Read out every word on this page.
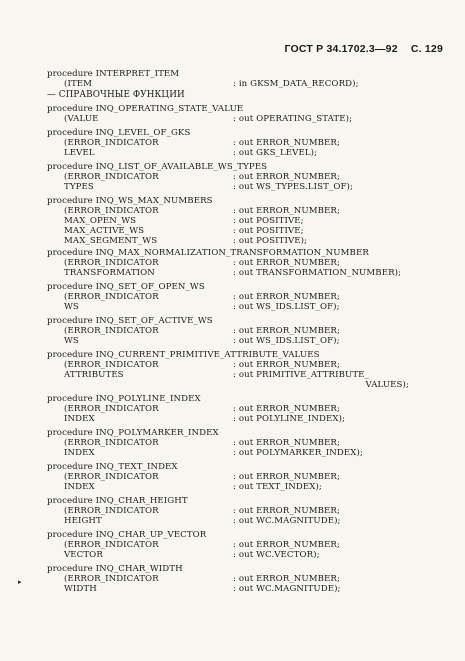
ГОСТ Р 34.1702.3—92 С. 129
procedure INTERPRET_ITEM
(ITEM	: in GKSM_DATA_RECORD);
— СПРАВОЧНЫЕ ФУНКЦИИ
procedure INQ_OPERATING_STATE_VALUE
(VALUE	: out OPERATING_STATE);
procedure INQ_LEVEL_OF_GKS
(ERROR_INDICATOR	: out ERROR_NUMBER;
LEVEL	: out GKS_LEVEL);
procedure INQ_LIST_OF_AVAILABLE_WS_TYPES
(ERROR_INDICATOR	: out ERROR_NUMBER;
TYPES	: out WS_TYPES.LIST_OF);
procedure INQ_WS_MAX_NUMBERS
(ERROR_INDICATOR	: out ERROR_NUMBER;
MAX_OPEN_WS	: out POSITIVE;
MAX_ACTIVE_WS	: out POSITIVE;
MAX_SEGMENT_WS	: out POSITIVE);
procedure INQ_MAX_NORMALIZATION_TRANSFORMATION_NUMBER
(ERROR_INDICATOR	: out ERROR_NUMBER;
TRANSFORMATION	: out TRANSFORMATION_NUMBER);
procedure INQ_SET_OF_OPEN_WS
(ERROR_INDICATOR	: out ERROR_NUMBER;
WS	: out WS_IDS.LIST_OF);
procedure INQ_SET_OF_ACTIVE_WS
(ERROR_INDICATOR	: out ERROR_NUMBER;
WS	: out WS_IDS.LIST_OF);
procedure INQ_CURRENT_PRIMITIVE_ATTRIBUTE_VALUES
(ERROR_INDICATOR	: out ERROR_NUMBER;
ATTRIBUTES	: out PRIMITIVE_ATTRIBUTE_
VALUES);
procedure INQ_POLYLINE_INDEX
(ERROR_INDICATOR	: out ERROR_NUMBER;
INDEX	: out POLYLINE_INDEX);
procedure INQ_POLYMARKER_INDEX
(ERROR_INDICATOR	: out ERROR_NUMBER;
INDEX	: out POLYMARKER_INDEX);
procedure INQ_TEXT_INDEX
(ERROR_INDICATOR	: out ERROR_NUMBER;
INDEX	: out TEXT_INDEX);
procedure INQ_CHAR_HEIGHT
(ERROR_INDICATOR	: out ERROR_NUMBER;
HEIGHT	: out WC.MAGNITUDE);
procedure INQ_CHAR_UP_VECTOR
(ERROR_INDICATOR	: out ERROR_NUMBER;
VECTOR	: out WC.VECTOR);
procedure INQ_CHAR_WIDTH
(ERROR_INDICATOR	: out ERROR_NUMBER;
WIDTH	: out WC.MAGNITUDE);
▸
